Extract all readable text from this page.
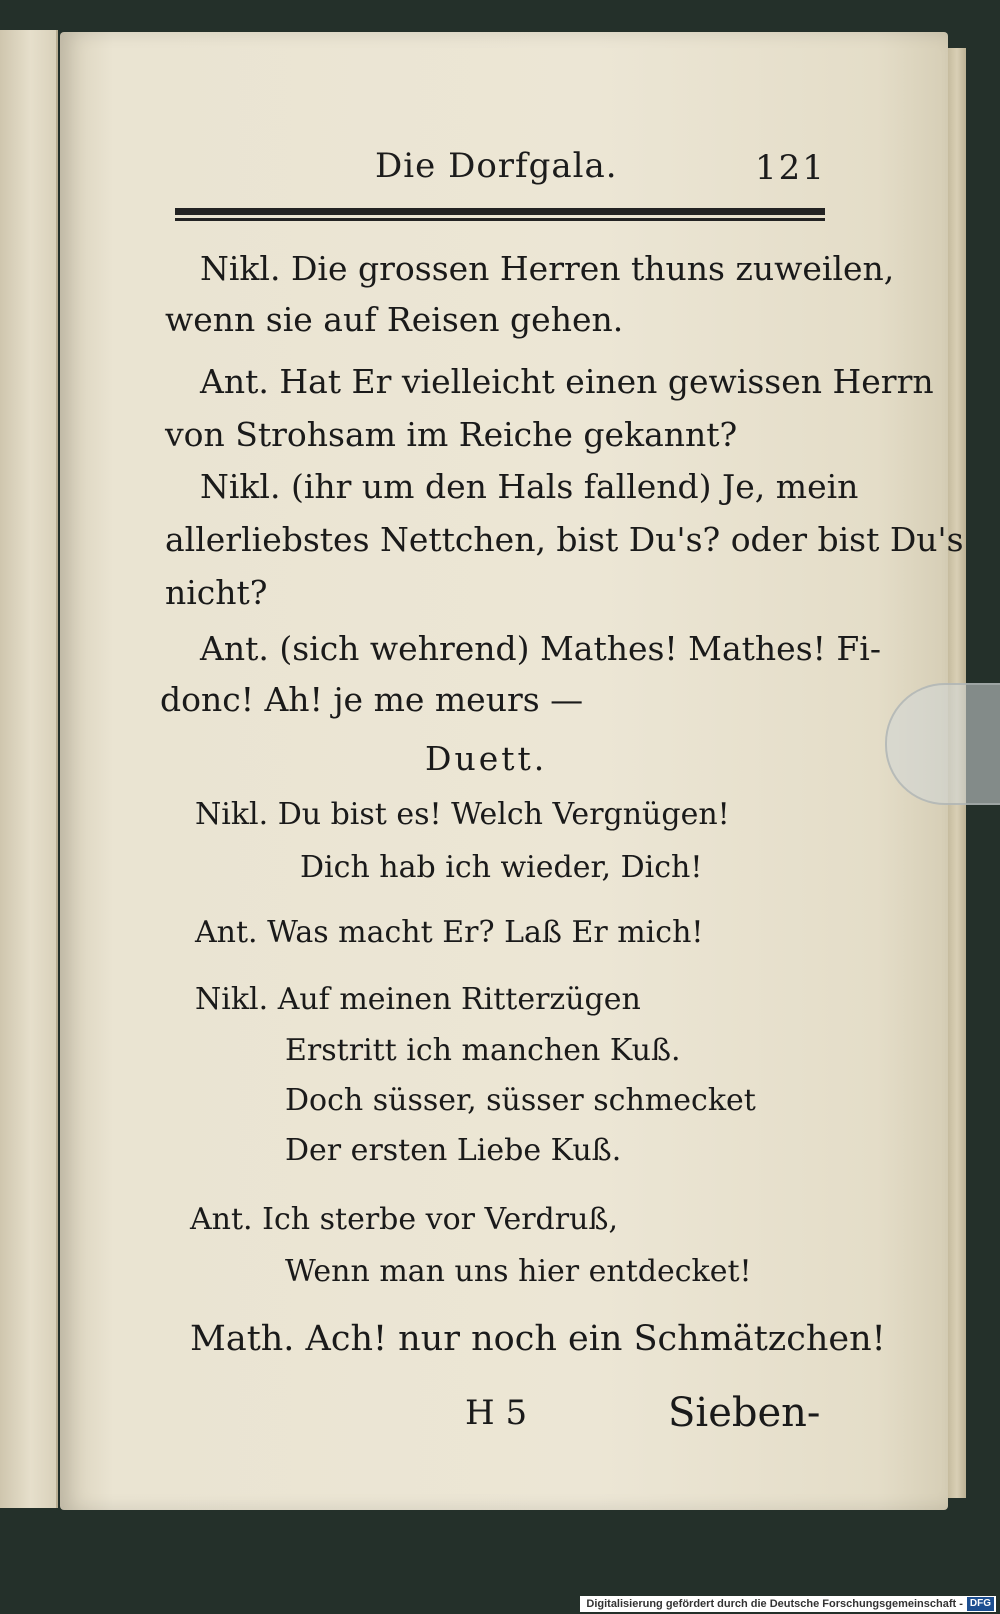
Die Dorfgala.	121
Nikl. Die grossen Herren thuns zuweilen,
wenn sie auf Reisen gehen.
Ant. Hat Er vielleicht einen gewissen Herrn
von Strohsam im Reiche gekannt?
Nikl. (ihr um den Hals fallend) Je, mein
allerliebstes Nettchen, bist Du's? oder bist Du's
nicht?
Ant. (sich wehrend) Mathes! Mathes! Fi-
donc! Ah! je me meurs —
Duett.
Nikl. Du bist es! Welch Vergnügen!
Dich hab ich wieder, Dich!
Ant. Was macht Er? Laß Er mich!
Nikl. Auf meinen Ritterzügen
Erstritt ich manchen Kuß.
Doch süsser, süsser schmecket
Der ersten Liebe Kuß.
Ant. Ich sterbe vor Verdruß,
Wenn man uns hier entdecket!
Math. Ach! nur noch ein Schmätzchen!
H 5	Sieben-
Digitalisierung gefördert durch die Deutsche Forschungsgemeinschaft - DFG
